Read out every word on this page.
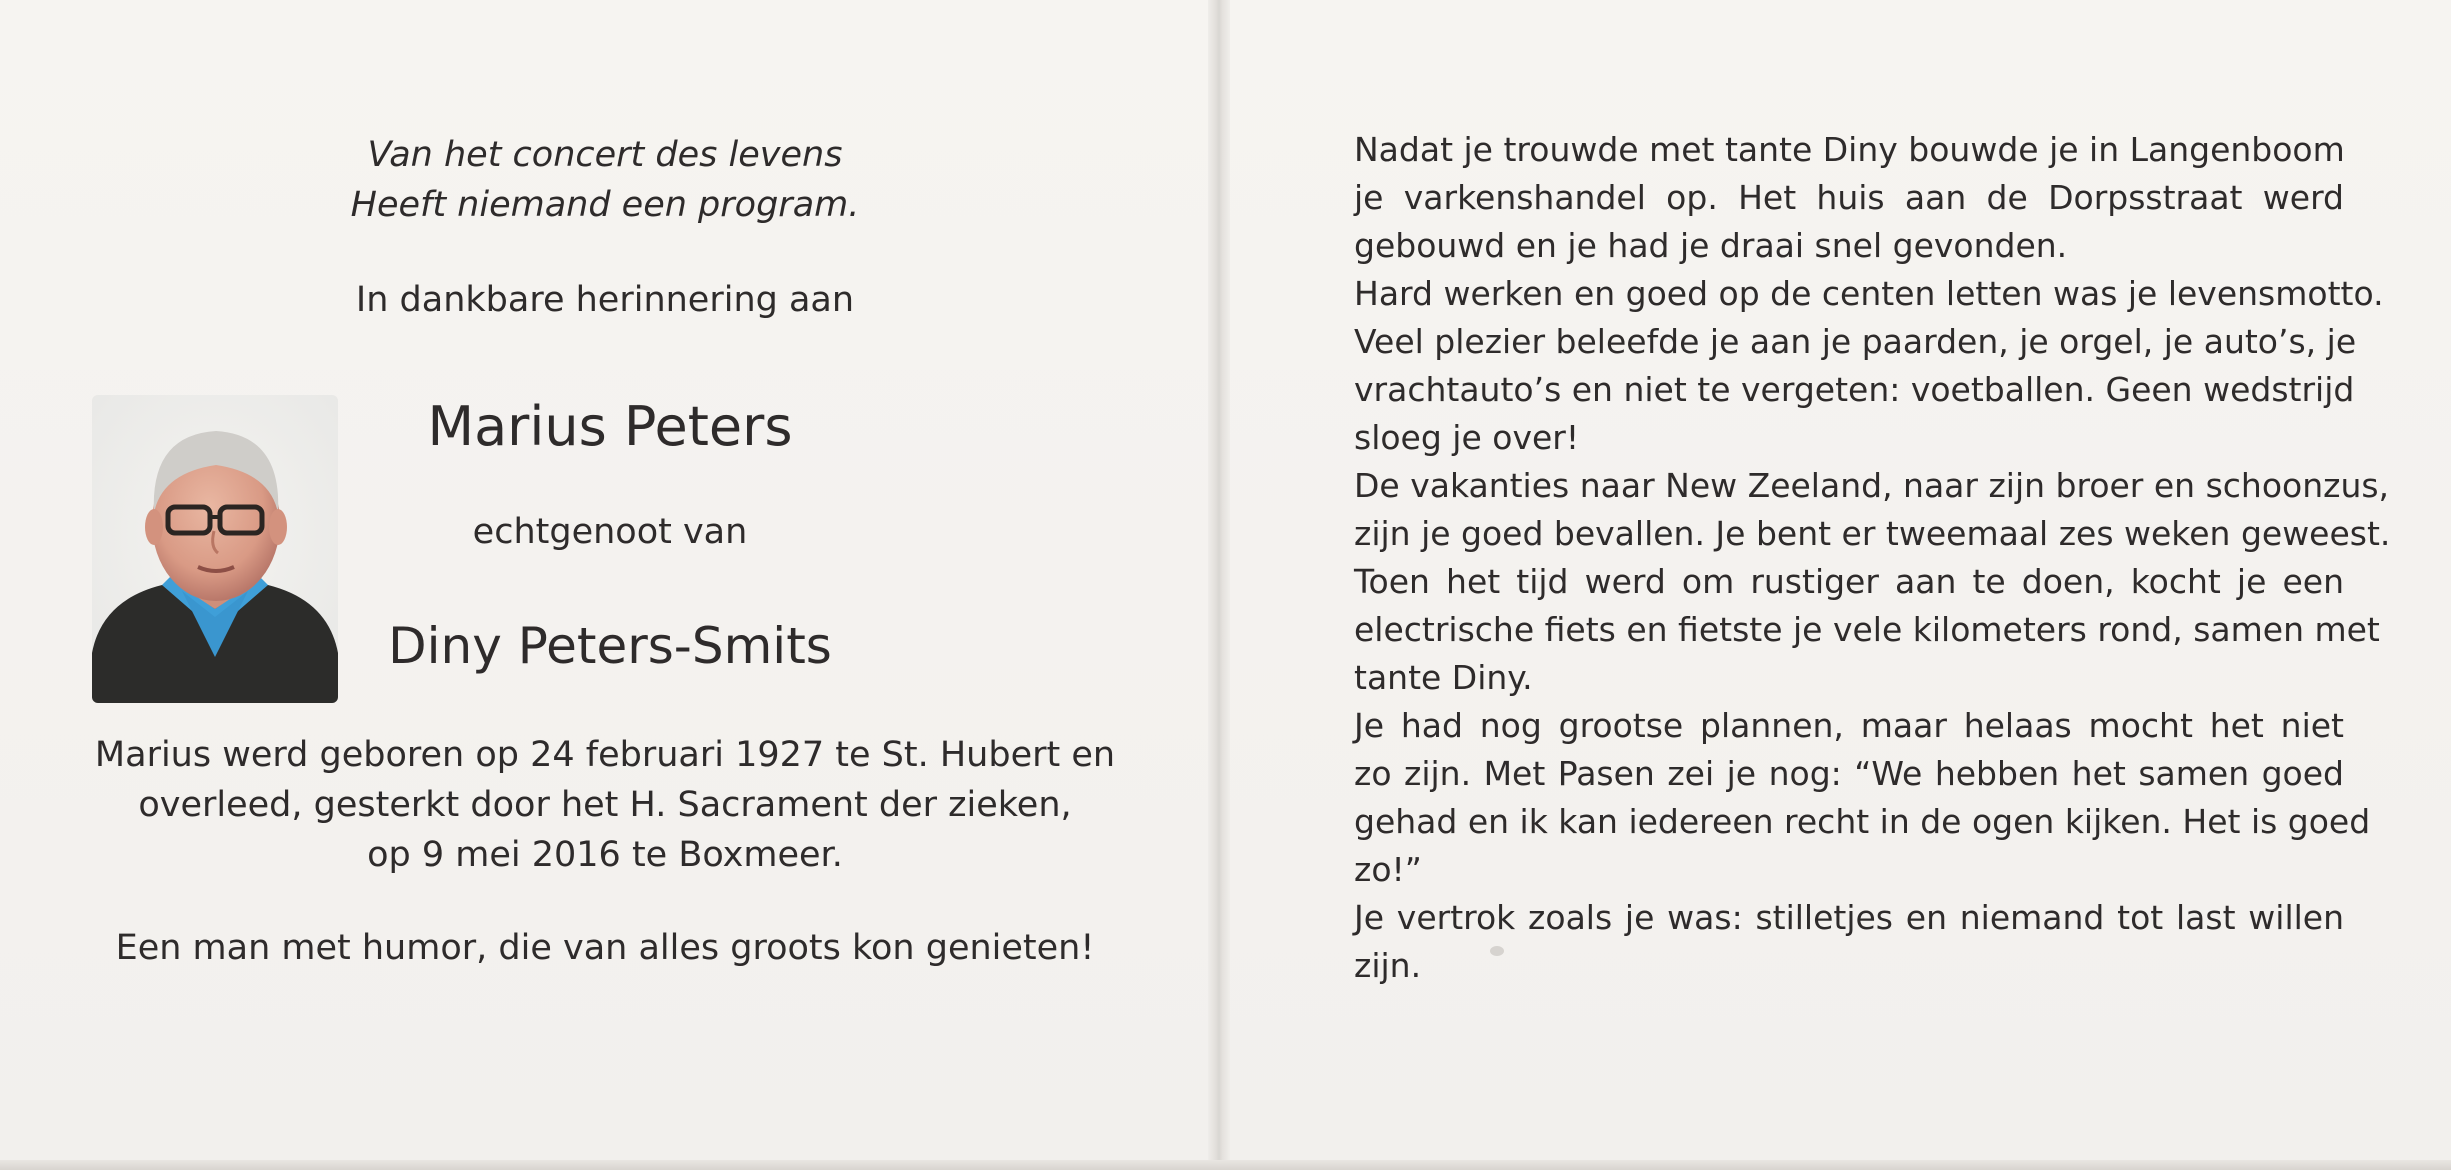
Van het concert des levens
Heeft niemand een program.
In dankbare herinnering aan
Marius Peters
echtgenoot van
Diny Peters-Smits
Marius werd geboren op 24 februari 1927 te St. Hubert en
overleed, gesterkt door het H. Sacrament der zieken,
op 9 mei 2016 te Boxmeer.
Een man met humor, die van alles groots kon genieten!
Nadat je trouwde met tante Diny bouwde je in Langenboom
je varkenshandel op. Het huis aan de Dorpsstraat werd
gebouwd en je had je draai snel gevonden.
Hard werken en goed op de centen letten was je levensmotto.
Veel plezier beleefde je aan je paarden, je orgel, je auto’s, je
vrachtauto’s en niet te vergeten: voetballen. Geen wedstrijd
sloeg je over!
De vakanties naar New Zeeland, naar zijn broer en schoonzus,
zijn je goed bevallen. Je bent er tweemaal zes weken geweest.
Toen het tijd werd om rustiger aan te doen, kocht je een
electrische fiets en fietste je vele kilometers rond, samen met
tante Diny.
Je had nog grootse plannen, maar helaas mocht het niet
zo zijn. Met Pasen zei je nog: “We hebben het samen goed
gehad en ik kan iedereen recht in de ogen kijken. Het is goed
zo!”
Je vertrok zoals je was: stilletjes en niemand tot last willen
zijn.
